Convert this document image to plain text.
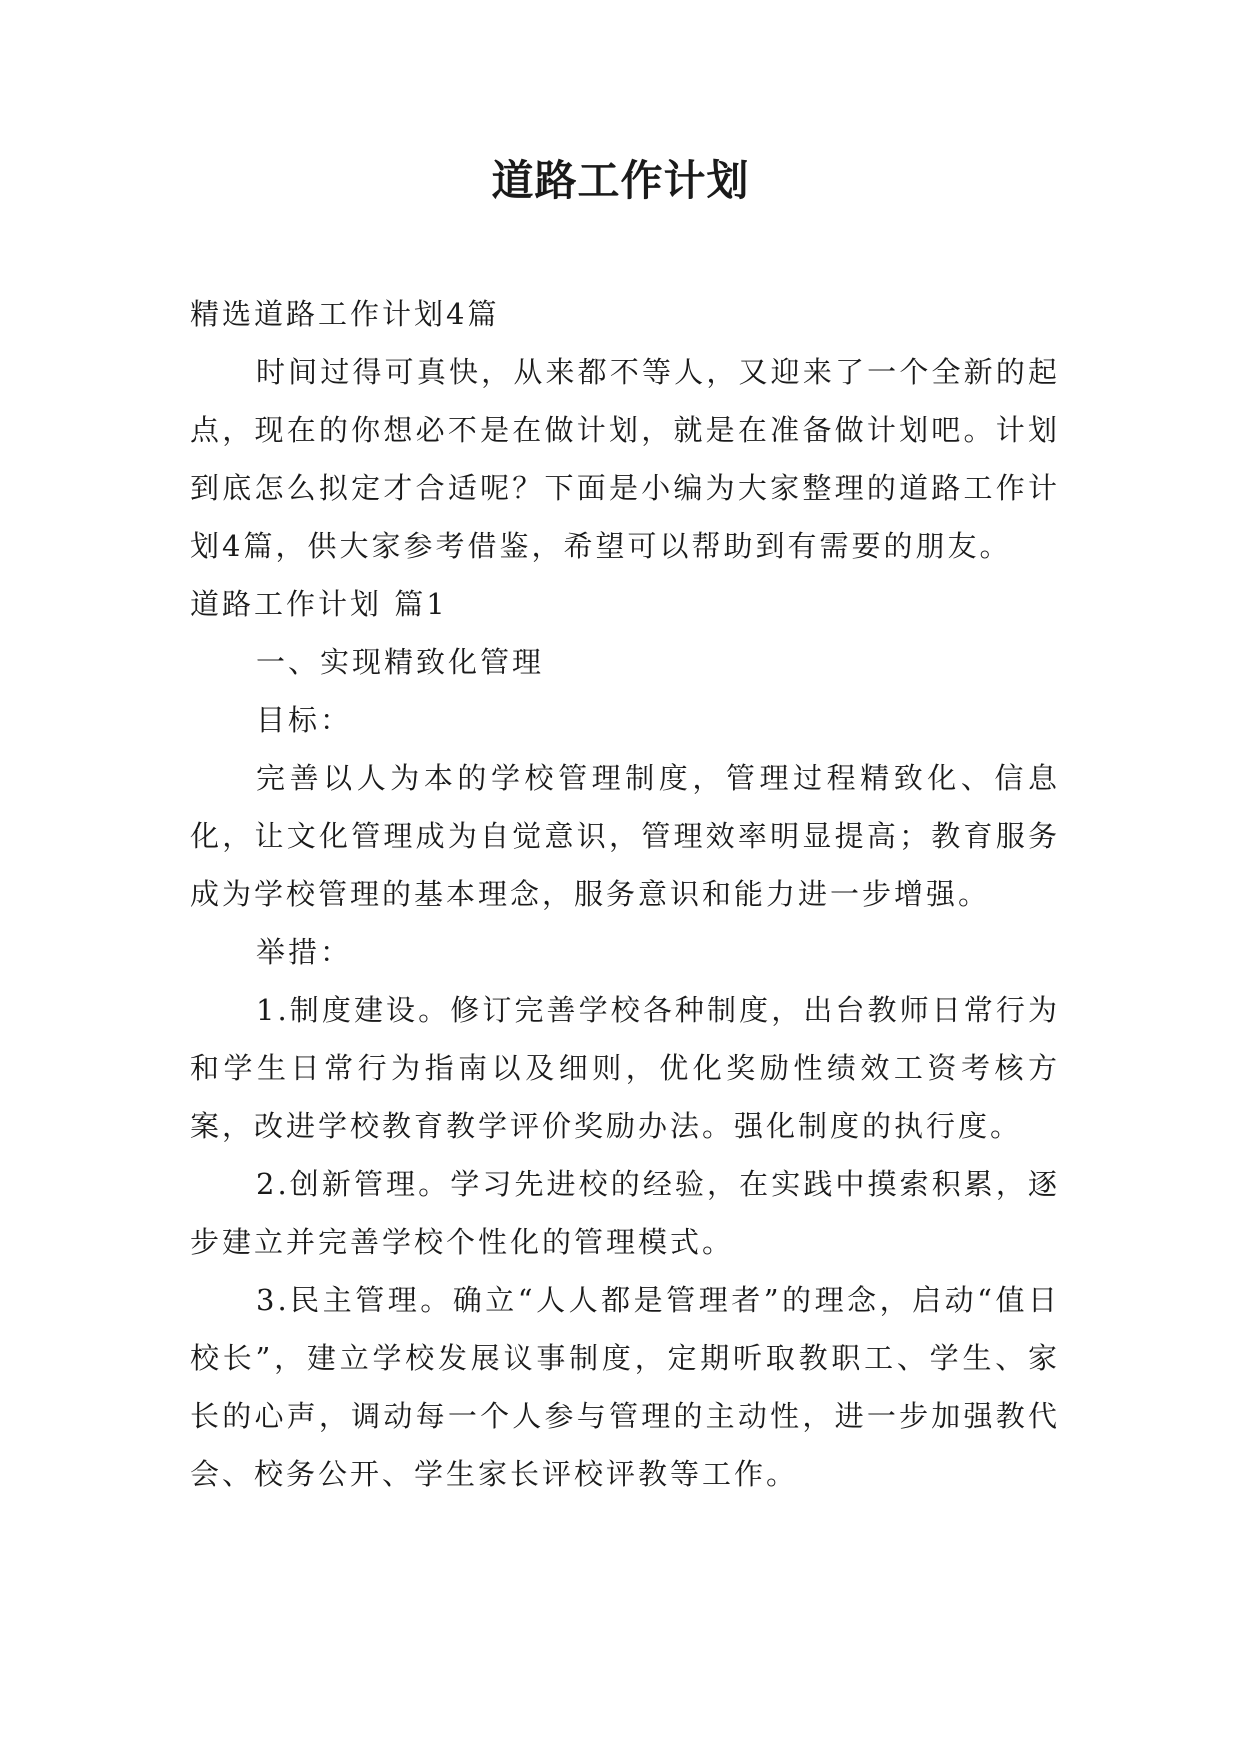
道路工作计划

精选道路工作计划4篇

时间过得可真快，从来都不等人，又迎来了一个全新的起点，现在的你想必不是在做计划，就是在准备做计划吧。计划到底怎么拟定才合适呢？下面是小编为大家整理的道路工作计划4篇，供大家参考借鉴，希望可以帮助到有需要的朋友。

道路工作计划 篇1

一、实现精致化管理

目标：

完善以人为本的学校管理制度，管理过程精致化、信息化，让文化管理成为自觉意识，管理效率明显提高；教育服务成为学校管理的基本理念，服务意识和能力进一步增强。

举措：

1.制度建设。修订完善学校各种制度，出台教师日常行为和学生日常行为指南以及细则，优化奖励性绩效工资考核方案，改进学校教育教学评价奖励办法。强化制度的执行度。

2.创新管理。学习先进校的经验，在实践中摸索积累，逐步建立并完善学校个性化的管理模式。

3.民主管理。确立“人人都是管理者”的理念，启动“值日校长”，建立学校发展议事制度，定期听取教职工、学生、家长的心声，调动每一个人参与管理的主动性，进一步加强教代会、校务公开、学生家长评校评教等工作。
